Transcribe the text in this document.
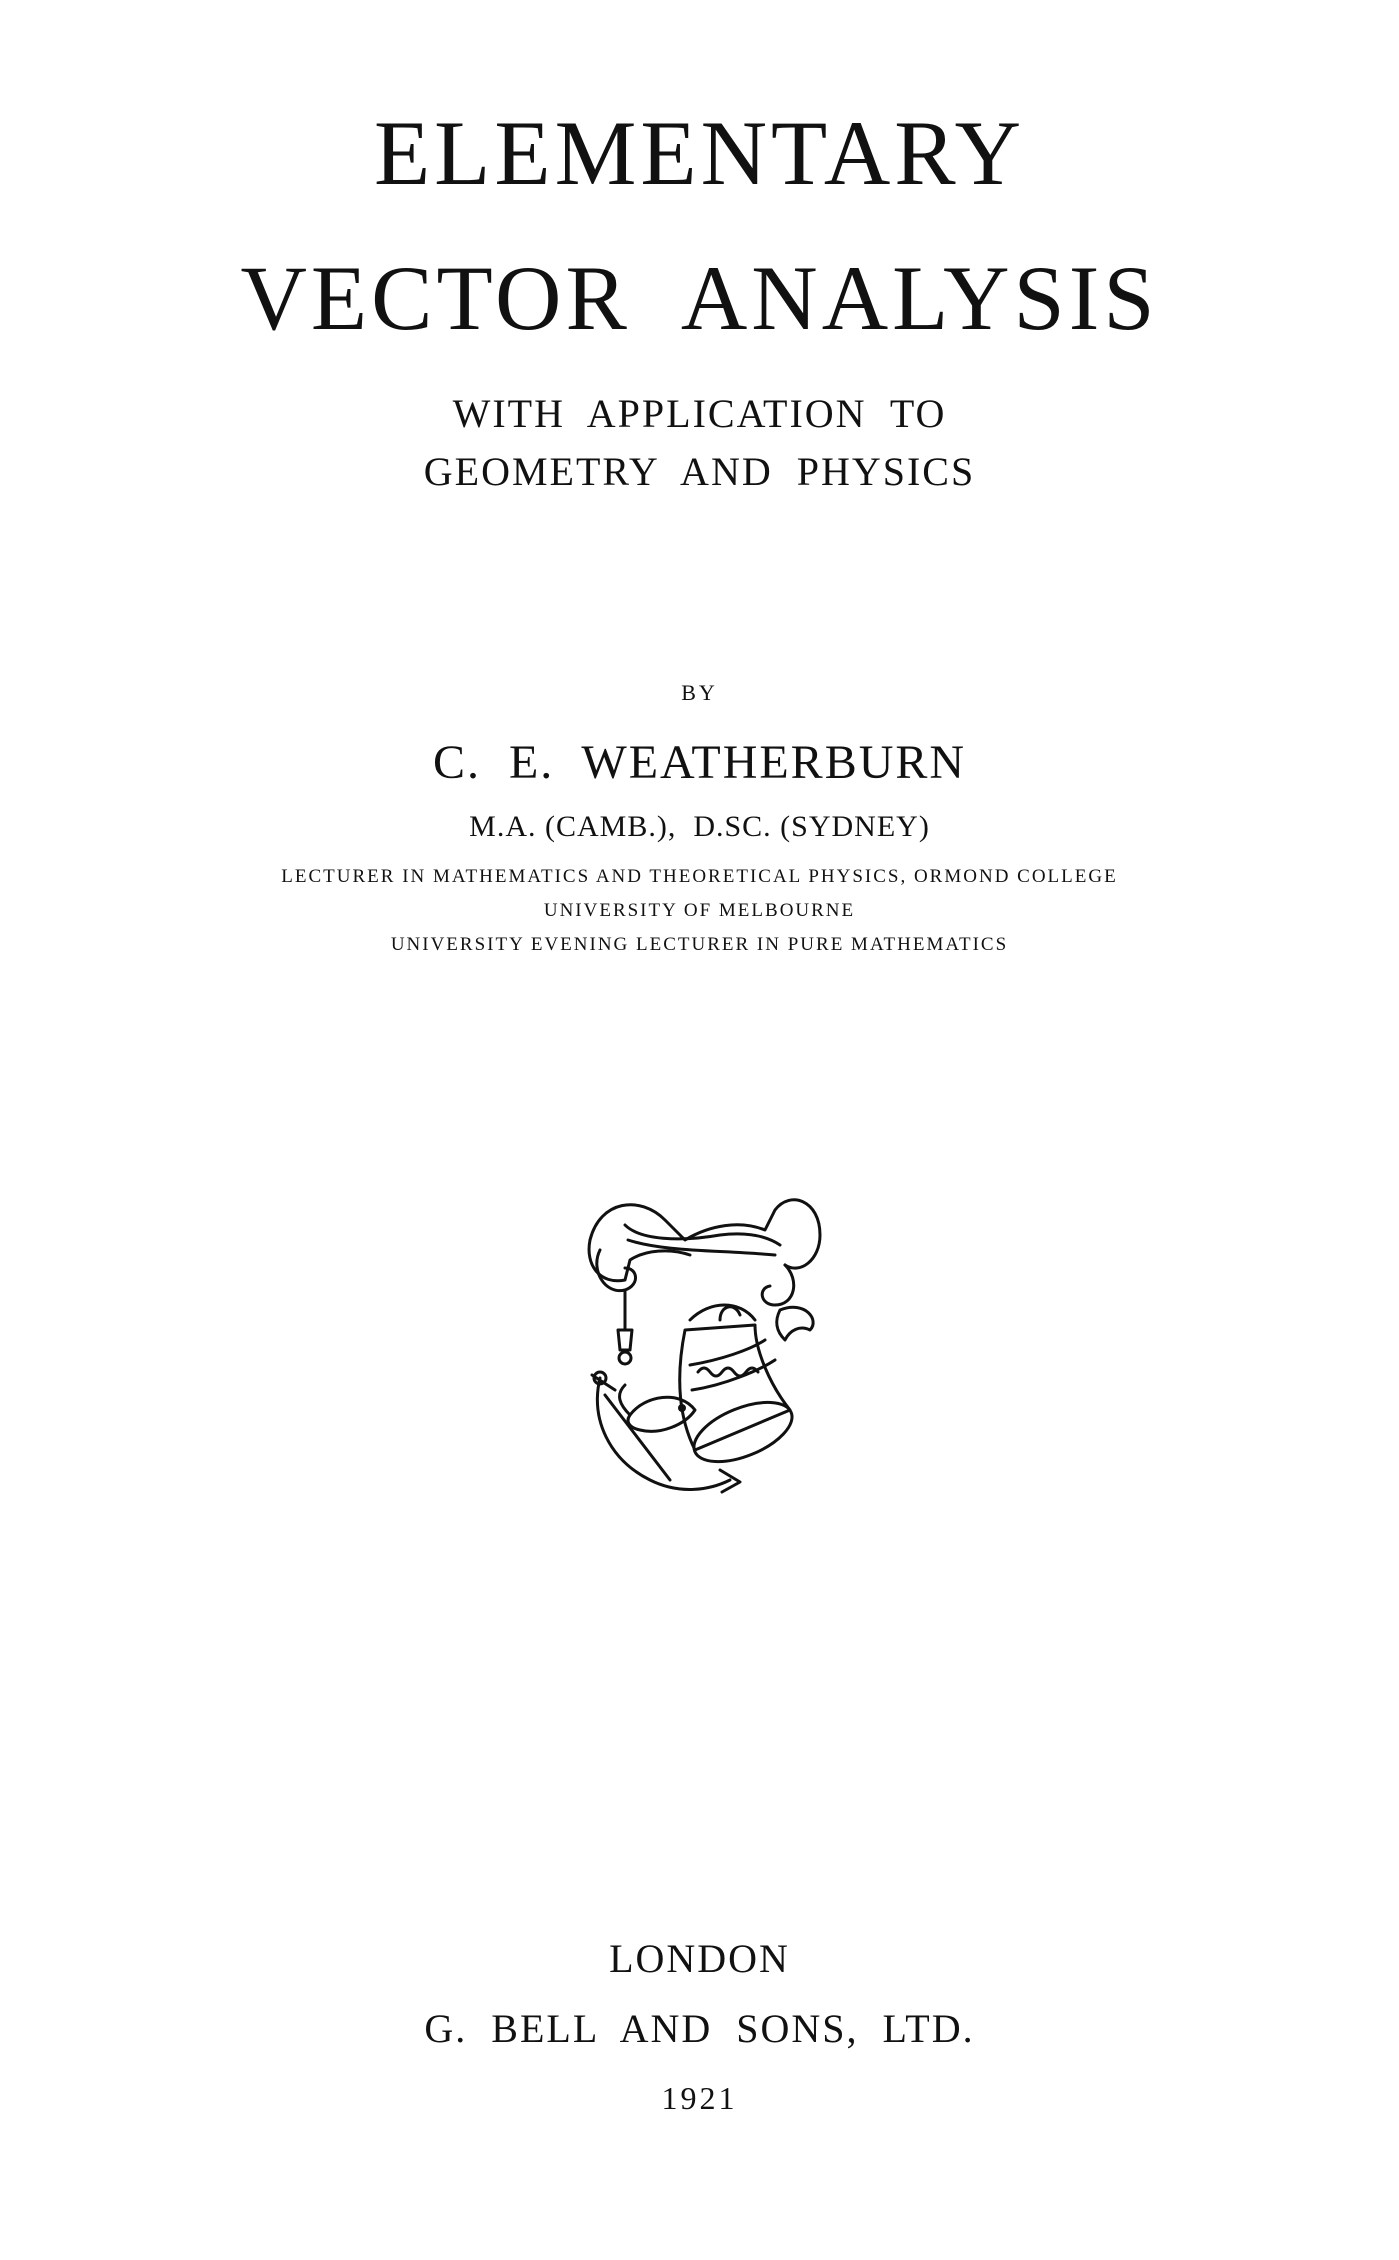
ELEMENTARY
VECTOR ANALYSIS
WITH  APPLICATION  TO
GEOMETRY  AND  PHYSICS
BY
C.  E.  WEATHERBURN
M.A. (CAMB.),  D.SC. (SYDNEY)
LECTURER IN MATHEMATICS AND THEORETICAL PHYSICS, ORMOND COLLEGE
UNIVERSITY OF MELBOURNE
UNIVERSITY EVENING LECTURER IN PURE MATHEMATICS
LONDON
G.  BELL  AND  SONS,  LTD.
1921
